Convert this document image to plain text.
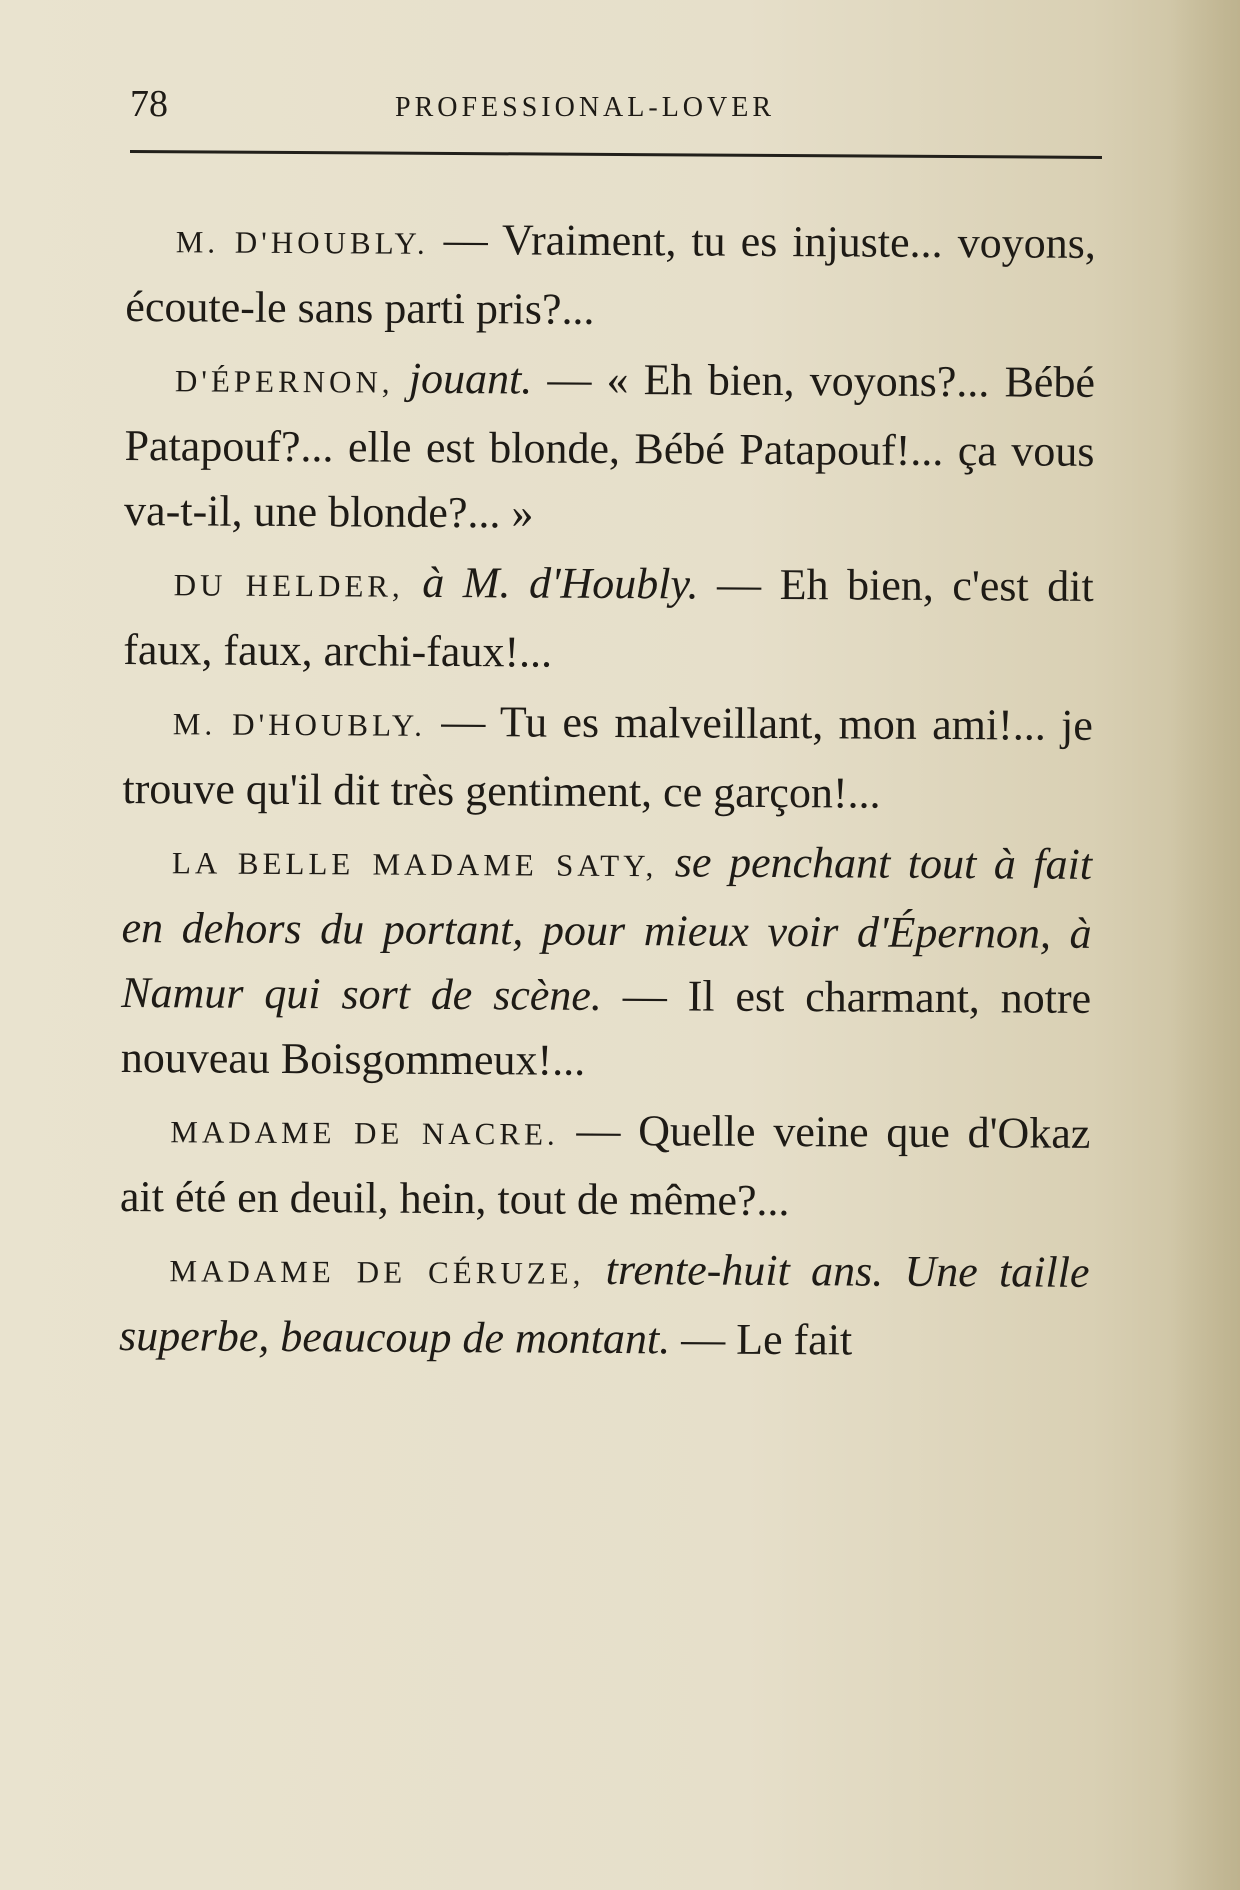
78	PROFESSIONAL-LOVER

M. D'HOUBLY. — Vraiment, tu es injuste... voyons, écoute-le sans parti pris?...

D'ÉPERNON, jouant. — « Eh bien, voyons?... Bébé Patapouf?... elle est blonde, Bébé Patapouf!... ça vous va-t-il, une blonde?... »

DU HELDER, à M. d'Houbly. — Eh bien, c'est dit faux, faux, archi-faux!...

M. D'HOUBLY. — Tu es malveillant, mon ami!... je trouve qu'il dit très gentiment, ce garçon!...

LA BELLE MADAME SATY, se penchant tout à fait en dehors du portant, pour mieux voir d'Épernon, à Namur qui sort de scène. — Il est charmant, notre nouveau Boisgommeux!...

MADAME DE NACRE. — Quelle veine que d'Okaz ait été en deuil, hein, tout de même?...

MADAME DE CÉRUZE, trente-huit ans. Une taille superbe, beaucoup de montant. — Le fait
